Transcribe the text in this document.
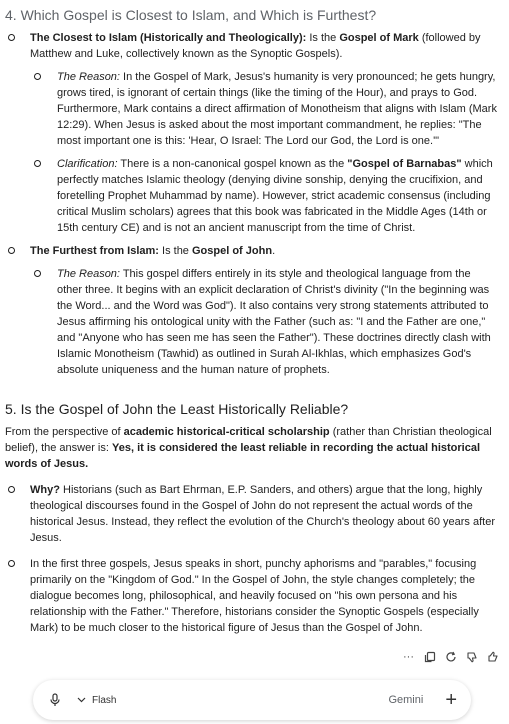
4. Which Gospel is Closest to Islam, and Which is Furthest?
The Closest to Islam (Historically and Theologically): Is the Gospel of Mark (followed by Matthew and Luke, collectively known as the Synoptic Gospels).
The Reason: In the Gospel of Mark, Jesus's humanity is very pronounced; he gets hungry, grows tired, is ignorant of certain things (like the timing of the Hour), and prays to God. Furthermore, Mark contains a direct affirmation of Monotheism that aligns with Islam (Mark 12:29). When Jesus is asked about the most important commandment, he replies: "The most important one is this: 'Hear, O Israel: The Lord our God, the Lord is one.'"
Clarification: There is a non-canonical gospel known as the "Gospel of Barnabas" which perfectly matches Islamic theology (denying divine sonship, denying the crucifixion, and foretelling Prophet Muhammad by name). However, strict academic consensus (including critical Muslim scholars) agrees that this book was fabricated in the Middle Ages (14th or 15th century CE) and is not an ancient manuscript from the time of Christ.
The Furthest from Islam: Is the Gospel of John.
The Reason: This gospel differs entirely in its style and theological language from the other three. It begins with an explicit declaration of Christ's divinity ("In the beginning was the Word... and the Word was God"). It also contains very strong statements attributed to Jesus affirming his ontological unity with the Father (such as: "I and the Father are one," and "Anyone who has seen me has seen the Father"). These doctrines directly clash with Islamic Monotheism (Tawhid) as outlined in Surah Al-Ikhlas, which emphasizes God's absolute uniqueness and the human nature of prophets.
5. Is the Gospel of John the Least Historically Reliable?
From the perspective of academic historical-critical scholarship (rather than Christian theological belief), the answer is: Yes, it is considered the least reliable in recording the actual historical words of Jesus.
Why? Historians (such as Bart Ehrman, E.P. Sanders, and others) argue that the long, highly theological discourses found in the Gospel of John do not represent the actual words of the historical Jesus. Instead, they reflect the evolution of the Church's theology about 60 years after Jesus.
In the first three gospels, Jesus speaks in short, punchy aphorisms and "parables," focusing primarily on the "Kingdom of God." In the Gospel of John, the style changes completely; the dialogue becomes long, philosophical, and heavily focused on "his own persona and his relationship with the Father." Therefore, historians consider the Synoptic Gospels (especially Mark) to be much closer to the historical figure of Jesus than the Gospel of John.
···
Flash	Gemini +
